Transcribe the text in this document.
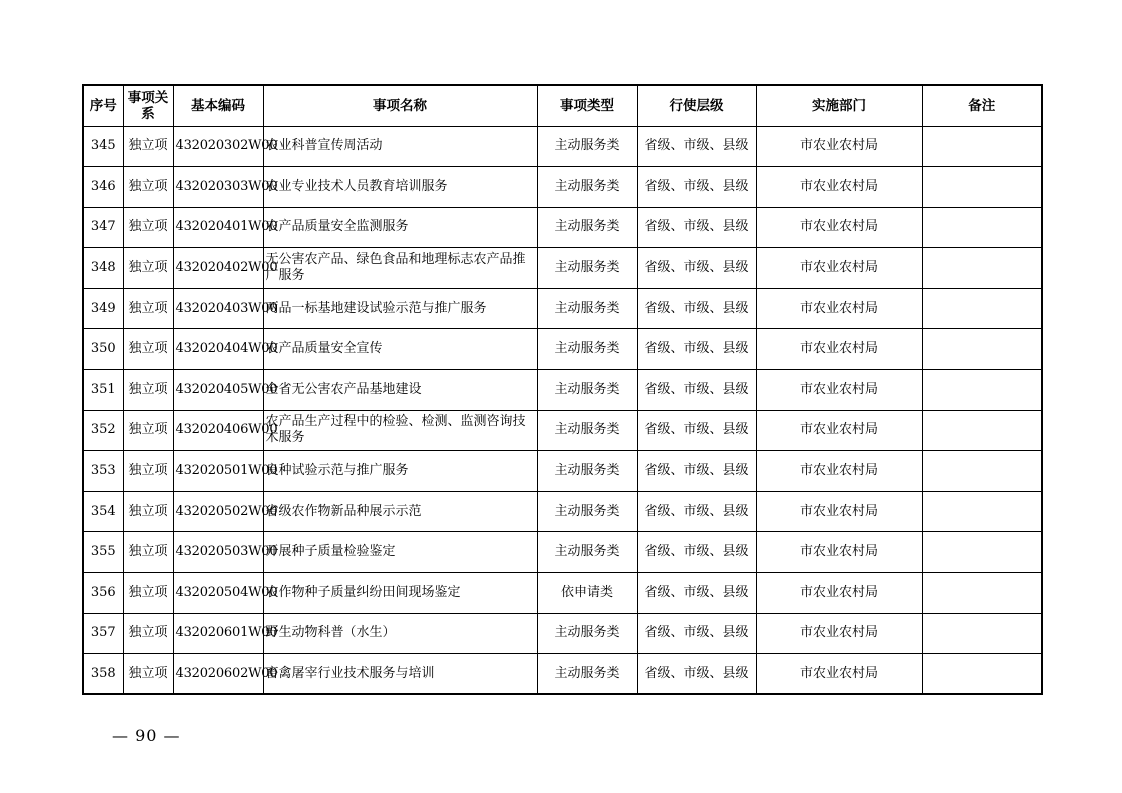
序号	事项关系	基本编码	事项名称	事项类型	行使层级	实施部门	备注
345	独立项	432020302W00	农业科普宣传周活动	主动服务类	省级、市级、县级	市农业农村局	
346	独立项	432020303W00	农业专业技术人员教育培训服务	主动服务类	省级、市级、县级	市农业农村局	
347	独立项	432020401W00	农产品质量安全监测服务	主动服务类	省级、市级、县级	市农业农村局	
348	独立项	432020402W00	无公害农产品、绿色食品和地理标志农产品推广服务	主动服务类	省级、市级、县级	市农业农村局	
349	独立项	432020403W00	两品一标基地建设试验示范与推广服务	主动服务类	省级、市级、县级	市农业农村局	
350	独立项	432020404W00	农产品质量安全宣传	主动服务类	省级、市级、县级	市农业农村局	
351	独立项	432020405W00	全省无公害农产品基地建设	主动服务类	省级、市级、县级	市农业农村局	
352	独立项	432020406W00	农产品生产过程中的检验、检测、监测咨询技术服务	主动服务类	省级、市级、县级	市农业农村局	
353	独立项	432020501W00	良种试验示范与推广服务	主动服务类	省级、市级、县级	市农业农村局	
354	独立项	432020502W00	省级农作物新品种展示示范	主动服务类	省级、市级、县级	市农业农村局	
355	独立项	432020503W00	开展种子质量检验鉴定	主动服务类	省级、市级、县级	市农业农村局	
356	独立项	432020504W00	农作物种子质量纠纷田间现场鉴定	依申请类	省级、市级、县级	市农业农村局	
357	独立项	432020601W00	野生动物科普（水生）	主动服务类	省级、市级、县级	市农业农村局	
358	独立项	432020602W00	畜禽屠宰行业技术服务与培训	主动服务类	省级、市级、县级	市农业农村局	
— 90 —
